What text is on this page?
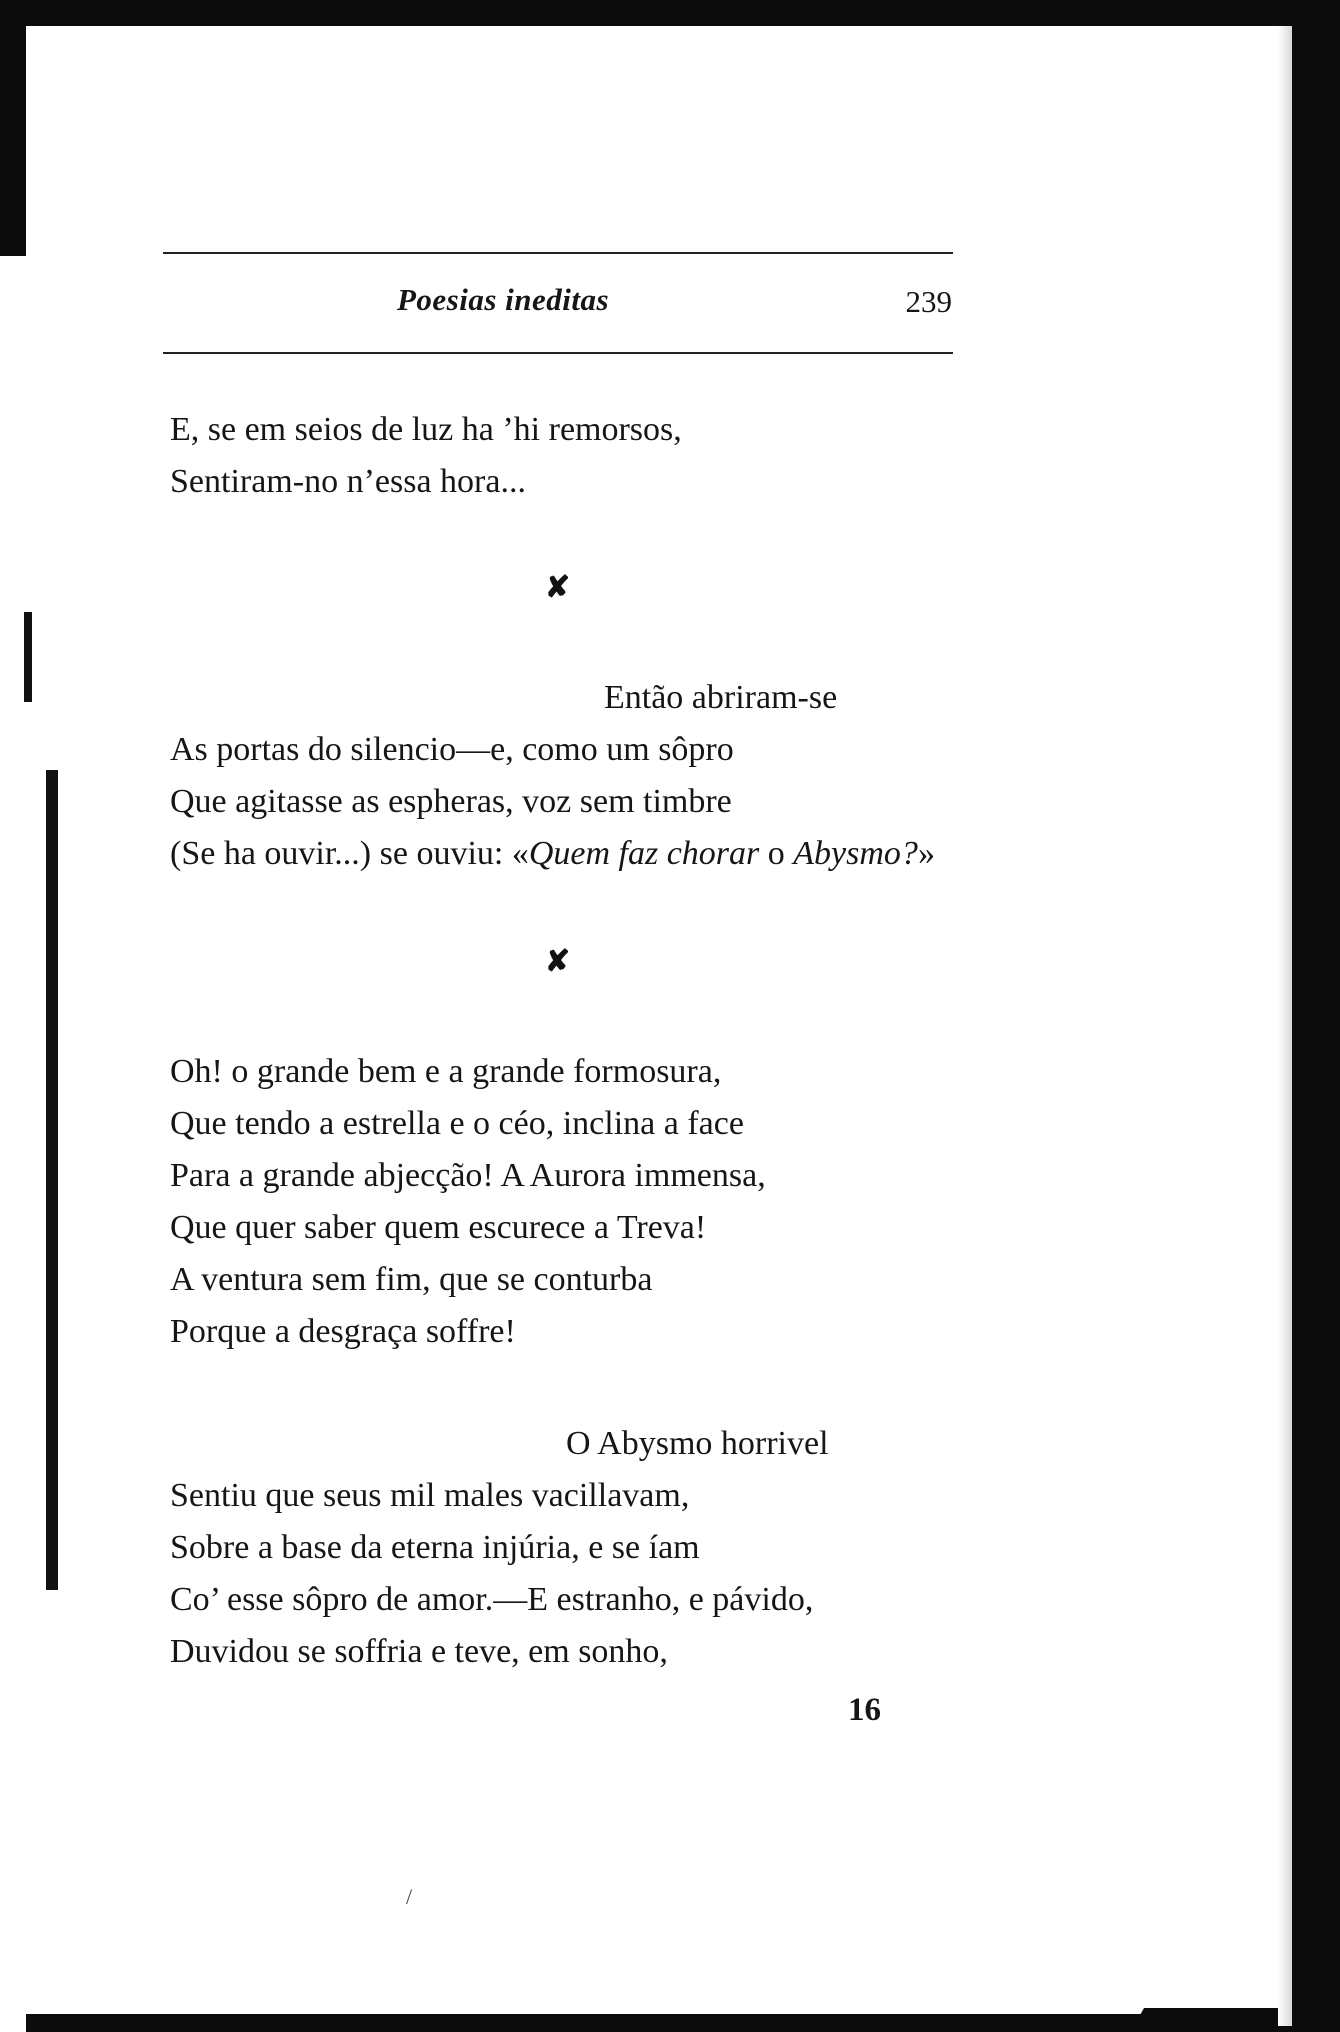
Poesias ineditas	239
E, se em seios de luz ha ’hi remorsos,
Sentiram-no n’essa hora...
✘
Então abriram-se
As portas do silencio—e, como um sôpro
Que agitasse as espheras, voz sem timbre
(Se ha ouvir...) se ouviu: «Quem faz chorar o Abysmo?»
✘
Oh! o grande bem e a grande formosura,
Que tendo a estrella e o céo, inclina a face
Para a grande abjecção! A Aurora immensa,
Que quer saber quem escurece a Treva!
A ventura sem fim, que se conturba
Porque a desgraça soffre!
O Abysmo horrivel
Sentiu que seus mil males vacillavam,
Sobre a base da eterna injúria, e se íam
Co’ esse sôpro de amor.—E estranho, e pávido,
Duvidou se soffria e teve, em sonho,
16
/
